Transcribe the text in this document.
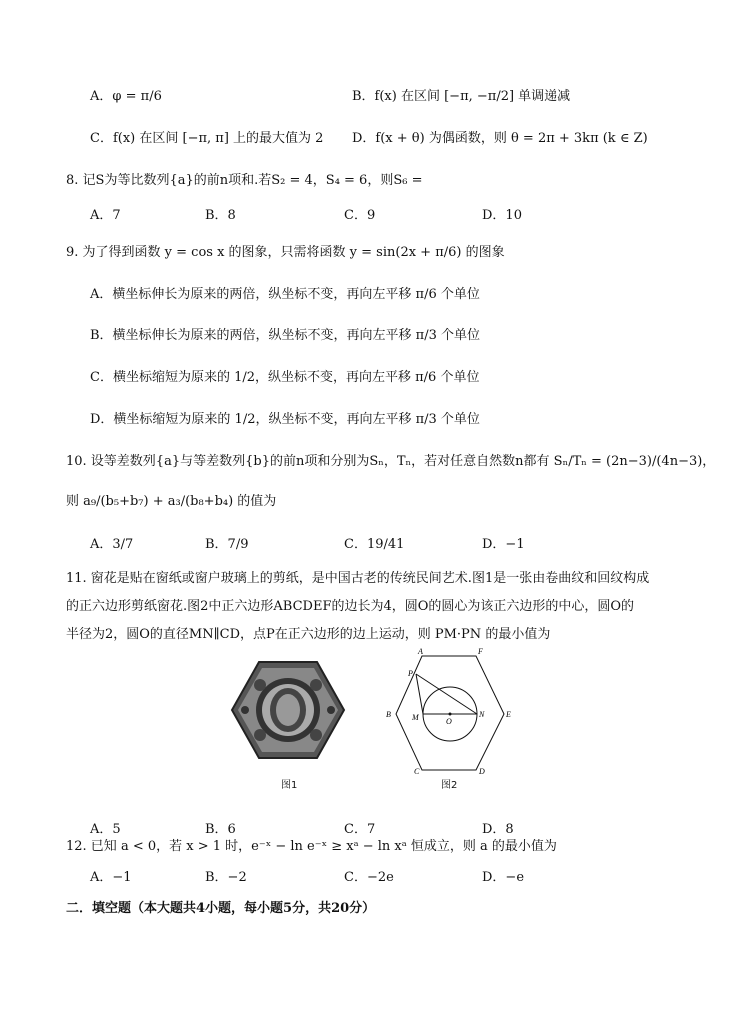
A．φ = π/6	B．f(x) 在区间 [−π, −π/2] 单调递减
C．f(x) 在区间 [−π, π] 上的最大值为 2 D．f(x + θ) 为偶函数，则 θ = 2π + 3kπ (k ∈ Z)
8. 记S为等比数列{a}的前n项和.若S₂ = 4，S₄ = 6，则S₆ =
A．7	B．8	C．9	D．10
9. 为了得到函数 y = cos x 的图象，只需将函数 y = sin(2x + π/6) 的图象
A．横坐标伸长为原来的两倍，纵坐标不变，再向左平移 π/6 个单位
B．横坐标伸长为原来的两倍，纵坐标不变，再向左平移 π/3 个单位
C．横坐标缩短为原来的 1/2，纵坐标不变，再向左平移 π/6 个单位
D．横坐标缩短为原来的 1/2，纵坐标不变，再向左平移 π/3 个单位
10. 设等差数列{a}与等差数列{b}的前n项和分别为Sₙ，Tₙ，若对任意自然数n都有 Sₙ/Tₙ = (2n−3)/(4n−3)，
则 a₉/(b₅+b₇) + a₃/(b₈+b₄) 的值为
A．3/7	B．7/9	C．19/41	D．−1
11. 窗花是贴在窗纸或窗户玻璃上的剪纸，是中国古老的传统民间艺术.图1是一张由卷曲纹和回纹构成
的正六边形剪纸窗花.图2中正六边形ABCDEF的边长为4，圆O的圆心为该正六边形的中心，圆O的
半径为2，圆O的直径MN∥CD，点P在正六边形的边上运动，则 PM·PN 的最小值为
图1
A	F
P
B	M	O
N	E
C	D
图2
A．5	B．6	C．7	D．8
12. 已知 a < 0，若 x > 1 时，e⁻ˣ − ln e⁻ˣ ≥ xᵃ − ln xᵃ 恒成立，则 a 的最小值为
A．−1	B．−2	C．−2e	D．−e
二．填空题（本大题共4小题，每小题5分，共20分）
